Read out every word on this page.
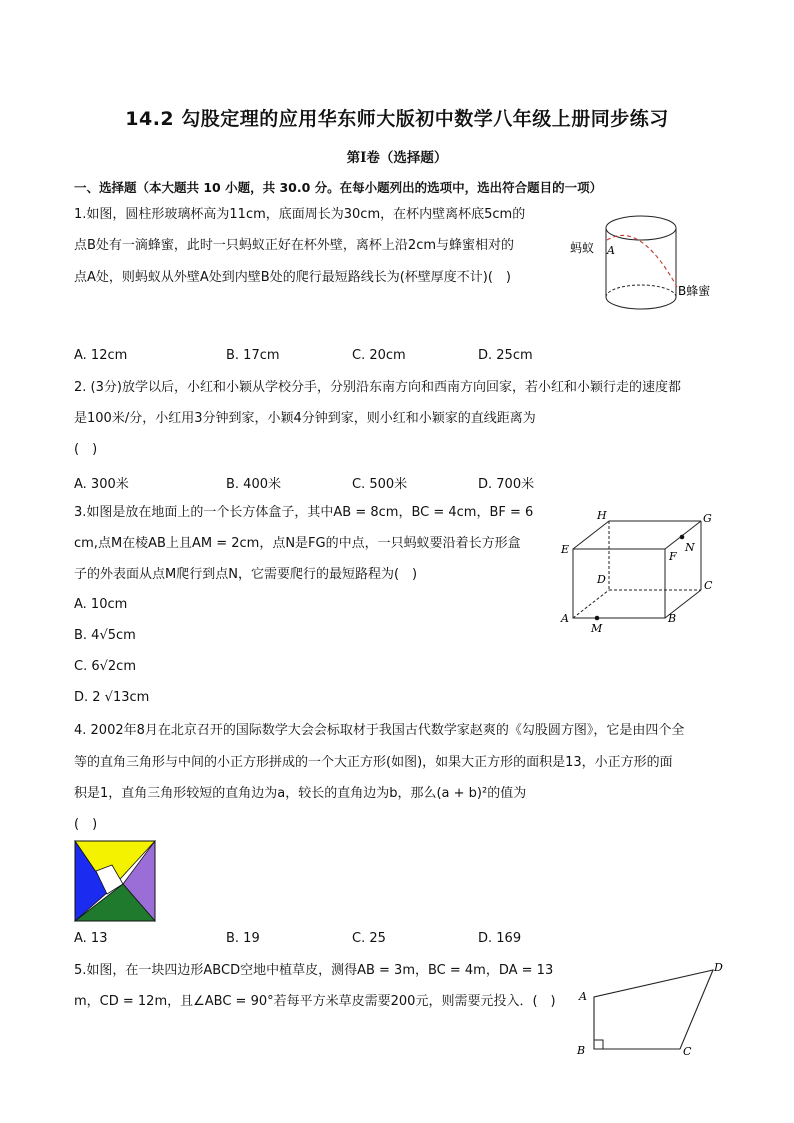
14.2 勾股定理的应用华东师大版初中数学八年级上册同步练习
第Ⅰ卷（选择题）
一、选择题（本大题共 10 小题，共 30.0 分。在每小题列出的选项中，选出符合题目的一项）
1.如图，圆柱形玻璃杯高为11cm，底面周长为30cm，在杯内壁离杯底5cm的
点B处有一滴蜂蜜，此时一只蚂蚁正好在杯外壁，离杯上沿2cm与蜂蜜相对的
点A处，则蚂蚁从外壁A处到内壁B处的爬行最短路线长为(杯壁厚度不计)(　)
蚂蚁 A
B蜂蜜
A. 12cm	B. 17cm	C. 20cm	D. 25cm
2. (3分)放学以后，小红和小颖从学校分手，分别沿东南方向和西南方向回家，若小红和小颖行走的速度都
是100米/分，小红用3分钟到家，小颖4分钟到家，则小红和小颖家的直线距离为
(　)
A. 300米	B. 400米	C. 500米	D. 700米
3.如图是放在地面上的一个长方体盒子，其中AB = 8cm，BC = 4cm，BF = 6
cm,点M在棱AB上且AM = 2cm，点N是FG的中点，一只蚂蚁要沿着长方形盒
子的外表面从点M爬行到点N，它需要爬行的最短路程为(　)
H	G
E
F
N
D	C
A
M
B
A. 10cm
B. 4√5cm
C. 6√2cm
D. 2 √13cm
4. 2002年8月在北京召开的国际数学大会会标取材于我国古代数学家赵爽的《勾股圆方图》，它是由四个全
等的直角三角形与中间的小正方形拼成的一个大正方形(如图)，如果大正方形的面积是13，小正方形的面
积是1，直角三角形较短的直角边为a，较长的直角边为b，那么(a + b)²的值为
(　)
A. 13	B. 19	C. 25	D. 169
5.如图，在一块四边形ABCD空地中植草皮，测得AB = 3m，BC = 4m，DA = 13
m，CD = 12m，且∠ABC = 90°若每平方米草皮需要200元，则需要元投入．(　) A
B	C
D
